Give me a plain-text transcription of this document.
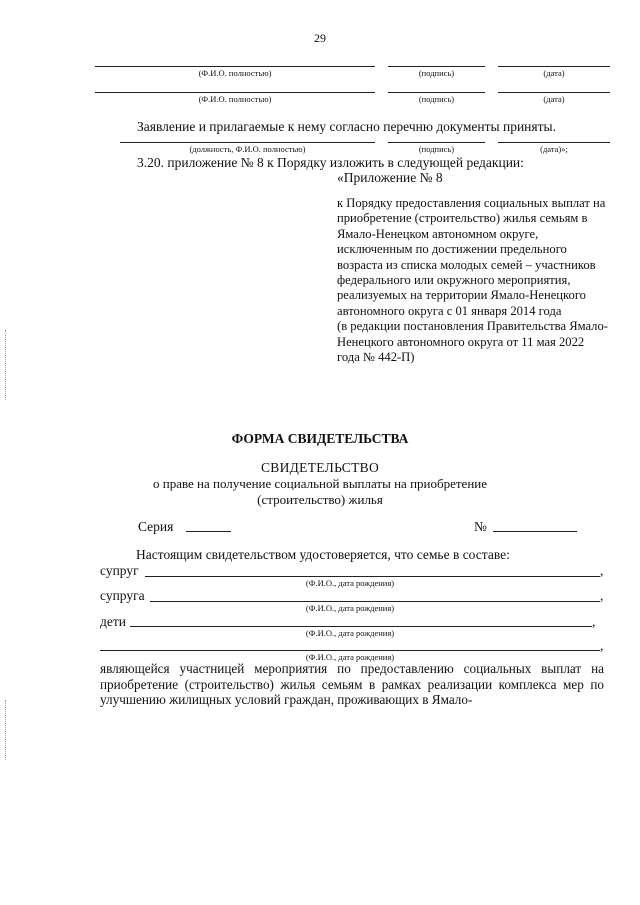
29
(Ф.И.О. полностью)	(подпись)	(дата)
(Ф.И.О. полностью)	(подпись)	(дата)
Заявление и прилагаемые к нему согласно перечню документы приняты.
(должность, Ф.И.О. полностью)	(подпись)	(дата)»;
3.20. приложение № 8 к Порядку изложить в следующей редакции:
«Приложение № 8

к Порядку предоставления социальных выплат на приобретение (строительство) жилья семьям в Ямало-Ненецком автономном округе, исключенным по достижении предельного возраста из списка молодых семей – участников федерального или окружного мероприятия, реализуемых на территории Ямало-Ненецкого автономного округа с 01 января 2014 года

(в редакции постановления Правительства Ямало-Ненецкого автономного округа от 11 мая 2022 года № 442-П)

ФОРМА СВИДЕТЕЛЬСТВА
СВИДЕТЕЛЬСТВО
о праве на получение социальной выплаты на приобретение
(строительство) жилья
Серия	№
Настоящим свидетельством удостоверяется, что семье в составе:
супруг	,
(Ф.И.О., дата рождения)
супруга	,
(Ф.И.О., дата рождения)
дети	,
(Ф.И.О., дата рождения)
,
(Ф.И.О., дата рождения)
являющейся участницей мероприятия по предоставлению социальных выплат на приобретение (строительство) жилья семьям в рамках реализации комплекса мер по улучшению жилищных условий граждан, проживающих в Ямало-
